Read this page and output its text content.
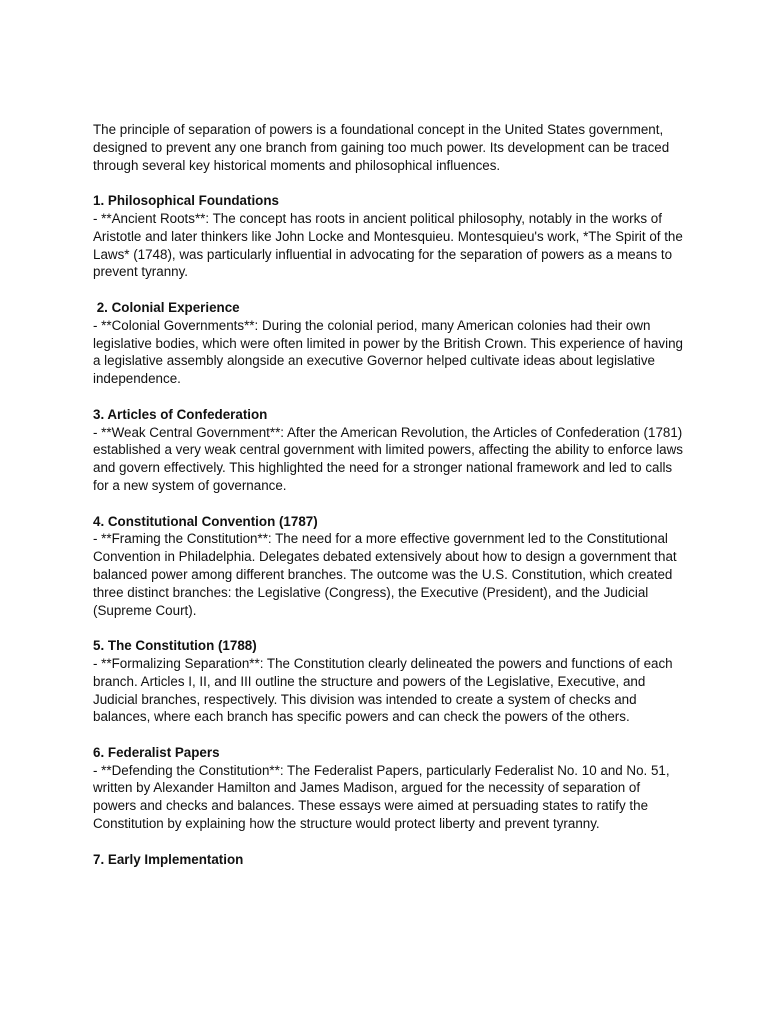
The principle of separation of powers is a foundational concept in the United States government, designed to prevent any one branch from gaining too much power. Its development can be traced through several key historical moments and philosophical influences.

1. Philosophical Foundations

- **Ancient Roots**: The concept has roots in ancient political philosophy, notably in the works of Aristotle and later thinkers like John Locke and Montesquieu. Montesquieu's work, *The Spirit of the Laws* (1748), was particularly influential in advocating for the separation of powers as a means to prevent tyranny.

2. Colonial Experience

- **Colonial Governments**: During the colonial period, many American colonies had their own legislative bodies, which were often limited in power by the British Crown. This experience of having a legislative assembly alongside an executive Governor helped cultivate ideas about legislative independence.

3. Articles of Confederation

- **Weak Central Government**: After the American Revolution, the Articles of Confederation (1781) established a very weak central government with limited powers, affecting the ability to enforce laws and govern effectively. This highlighted the need for a stronger national framework and led to calls for a new system of governance.

4. Constitutional Convention (1787)

- **Framing the Constitution**: The need for a more effective government led to the Constitutional Convention in Philadelphia. Delegates debated extensively about how to design a government that balanced power among different branches. The outcome was the U.S. Constitution, which created three distinct branches: the Legislative (Congress), the Executive (President), and the Judicial (Supreme Court).

5. The Constitution (1788)

- **Formalizing Separation**: The Constitution clearly delineated the powers and functions of each branch. Articles I, II, and III outline the structure and powers of the Legislative, Executive, and Judicial branches, respectively. This division was intended to create a system of checks and balances, where each branch has specific powers and can check the powers of the others.

6. Federalist Papers

- **Defending the Constitution**: The Federalist Papers, particularly Federalist No. 10 and No. 51, written by Alexander Hamilton and James Madison, argued for the necessity of separation of powers and checks and balances. These essays were aimed at persuading states to ratify the Constitution by explaining how the structure would protect liberty and prevent tyranny.

7. Early Implementation
